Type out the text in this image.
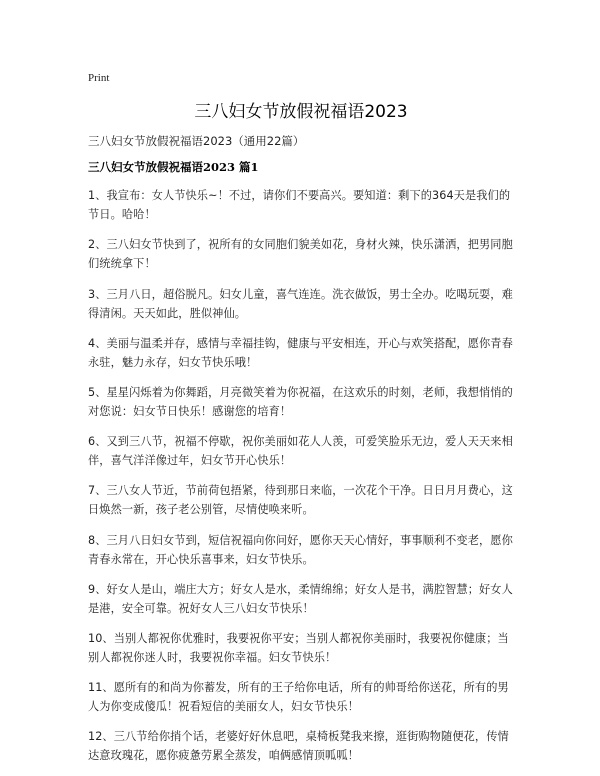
Print
三八妇女节放假祝福语2023
三八妇女节放假祝福语2023（通用22篇）
三八妇女节放假祝福语2023 篇1

1、我宣布：女人节快乐~！不过，请你们不要高兴。要知道：剩下的364天是我们的节日。哈哈！

2、三八妇女节快到了，祝所有的女同胞们貌美如花，身材火辣，快乐潇洒，把男同胞们统统拿下！

3、三月八日，超俗脱凡。妇女儿童，喜气连连。洗衣做饭，男士全办。吃喝玩耍，难得清闲。天天如此，胜似神仙。

4、美丽与温柔并存，感情与幸福挂钩，健康与平安相连，开心与欢笑搭配，愿你青春永驻，魅力永存，妇女节快乐哦！

5、星星闪烁着为你舞蹈，月亮微笑着为你祝福，在这欢乐的时刻，老师，我想悄悄的对您说：妇女节日快乐！感谢您的培育！

6、又到三八节，祝福不停歇，祝你美丽如花人人羡，可爱笑脸乐无边，爱人天天来相伴，喜气洋洋像过年，妇女节开心快乐！

7、三八女人节近，节前荷包捂紧，待到那日来临，一次花个干净。日日月月费心，这日焕然一新，孩子老公别管，尽情使唤来听。

8、三月八日妇女节到，短信祝福向你问好，愿你天天心情好，事事顺利不变老，愿你青春永常在，开心快乐喜事来，妇女节快乐。

9、好女人是山，端庄大方；好女人是水，柔情绵绵；好女人是书，满腔智慧；好女人是港，安全可靠。祝好女人三八妇女节快乐！

10、当别人都祝你优雅时，我要祝你平安；当别人都祝你美丽时，我要祝你健康；当别人都祝你迷人时，我要祝你幸福。妇女节快乐！

11、愿所有的和尚为你蓄发，所有的王子给你电话，所有的帅哥给你送花，所有的男人为你变成傻瓜！祝看短信的美丽女人，妇女节快乐！

12、三八节给你捎个话，老婆好好休息吧，桌椅板凳我来擦，逛街购物随便花，传情达意玫瑰花，愿你疲惫劳累全蒸发，咱俩感情顶呱呱！
